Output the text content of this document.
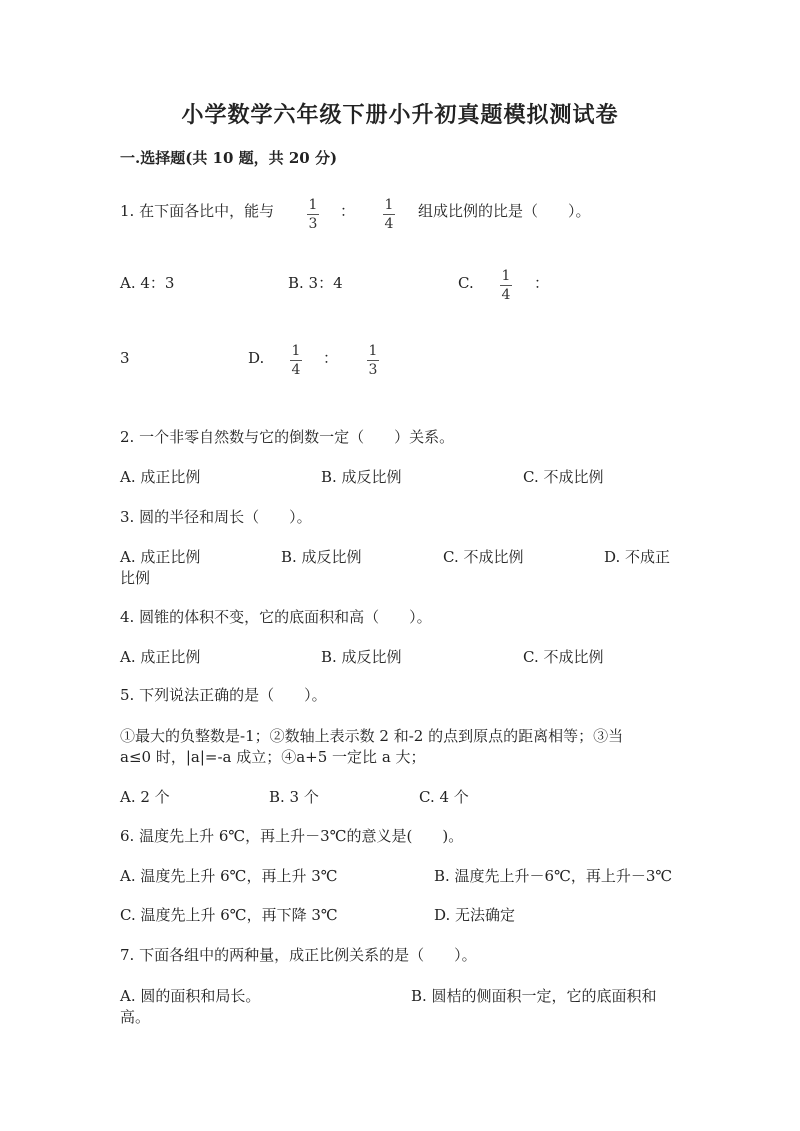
小学数学六年级下册小升初真题模拟测试卷
一.选择题(共 10 题，共 20 分)
1. 在下面各比中，能与 1
3
： 1
4
组成比例的比是（　　）。
A. 4：3	B. 3：4	C. 1
4
：
3	D. 1
4
： 1
3
2. 一个非零自然数与它的倒数一定（　　）关系。
A. 成正比例	B. 成反比例	C. 不成比例
3. 圆的半径和周长（　　）。
A. 成正比例	B. 成反比例	C. 不成比例	D. 不成正
比例
4. 圆锥的体积不变，它的底面积和高（　　）。
A. 成正比例	B. 成反比例	C. 不成比例
5. 下列说法正确的是（　　）。
①最大的负整数是-1；②数轴上表示数 2 和-2 的点到原点的距离相等；③当
a≤0 时，|a|=-a 成立；④a+5 一定比 a 大；
A. 2 个	B. 3 个	C. 4 个
6. 温度先上升 6℃，再上升－3℃的意义是(　　)。
A. 温度先上升 6℃，再上升 3℃	B. 温度先上升－6℃，再上升－3℃
C. 温度先上升 6℃，再下降 3℃	D. 无法确定
7. 下面各组中的两种量，成正比例关系的是（　　）。
A. 圆的面积和局长。	B. 圆桔的侧面积一定，它的底面积和
高。
